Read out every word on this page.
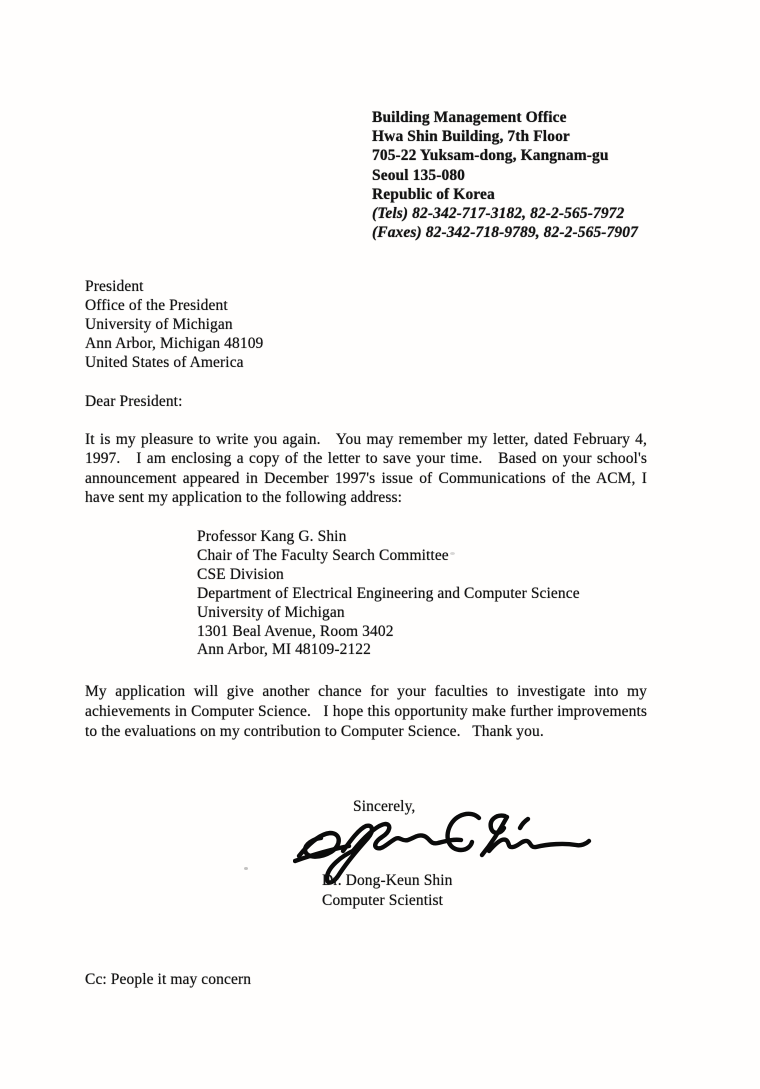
Building Management Office
Hwa Shin Building, 7th Floor
705-22 Yuksam-dong, Kangnam-gu
Seoul 135-080
Republic of Korea
(Tels) 82-342-717-3182, 82-2-565-7972
(Faxes) 82-342-718-9789, 82-2-565-7907
President
Office of the President
University of Michigan
Ann Arbor, Michigan 48109
United States of America
Dear President:
It is my pleasure to write you again.   You may remember my letter, dated February 4,
1997.   I am enclosing a copy of the letter to save your time.   Based on your school's
announcement appeared in December 1997's issue of Communications of the ACM, I
have sent my application to the following address:
Professor Kang G. Shin
Chair of The Faculty Search Committee
CSE Division
Department of Electrical Engineering and Computer Science
University of Michigan
1301 Beal Avenue, Room 3402
Ann Arbor, MI 48109-2122
My application will give another chance for your faculties to investigate into my
achievements in Computer Science.   I hope this opportunity make further improvements
to the evaluations on my contribution to Computer Science.   Thank you.
Sincerely,
Dr. Dong-Keun Shin
Computer Scientist
Cc: People it may concern
